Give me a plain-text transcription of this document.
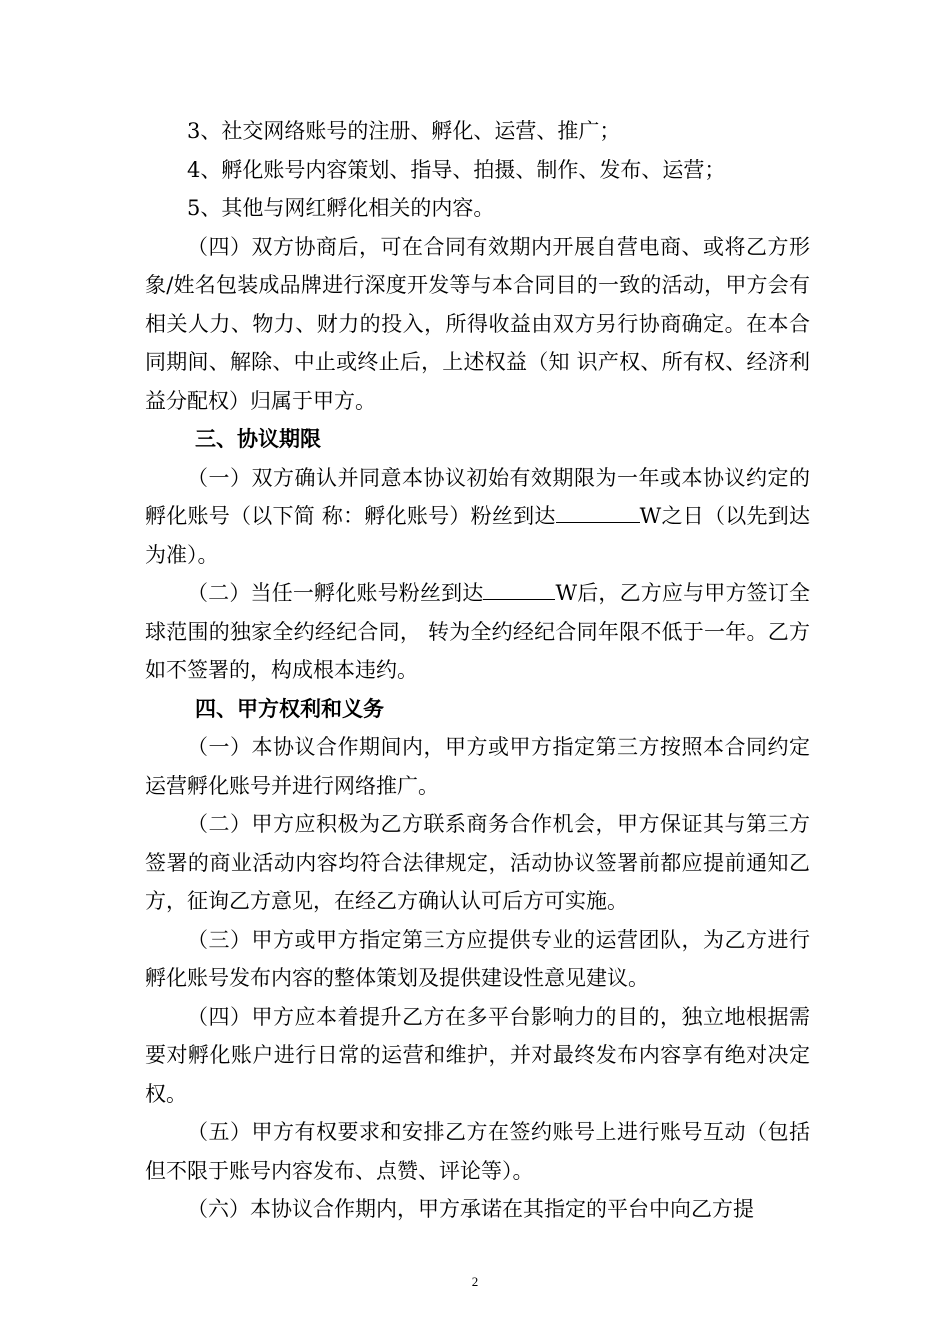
3、社交网络账号的注册、孵化、运营、推广；

4、孵化账号内容策划、指导、拍摄、制作、发布、运营；

5、其他与网红孵化相关的内容。

（四）双方协商后，可在合同有效期内开展自营电商、或将乙方形象/姓名包装成品牌进行深度开发等与本合同目的一致的活动，甲方会有相关人力、物力、财力的投入，所得收益由双方另行协商确定。在本合同期间、解除、中止或终止后，上述权益（知 识产权、所有权、经济利益分配权）归属于甲方。

三、协议期限

（一）双方确认并同意本协议初始有效期限为一年或本协议约定的孵化账号（以下简 称：孵化账号）粉丝到达	W之日（以先到达为准）。

（二）当任一孵化账号粉丝到达	W后，乙方应与甲方签订全球范围的独家全约经纪合同， 转为全约经纪合同年限不低于一年。乙方如不签署的，构成根本违约。

四、甲方权利和义务

（一）本协议合作期间内，甲方或甲方指定第三方按照本合同约定运营孵化账号并进行网络推广。

（二）甲方应积极为乙方联系商务合作机会，甲方保证其与第三方签署的商业活动内容均符合法律规定，活动协议签署前都应提前通知乙方，征询乙方意见，在经乙方确认认可后方可实施。

（三）甲方或甲方指定第三方应提供专业的运营团队，为乙方进行孵化账号发布内容的整体策划及提供建设性意见建议。

（四）甲方应本着提升乙方在多平台影响力的目的，独立地根据需要对孵化账户进行日常的运营和维护，并对最终发布内容享有绝对决定权。

（五）甲方有权要求和安排乙方在签约账号上进行账号互动（包括但不限于账号内容发布、点赞、评论等）。

（六）本协议合作期内，甲方承诺在其指定的平台中向乙方提

2
